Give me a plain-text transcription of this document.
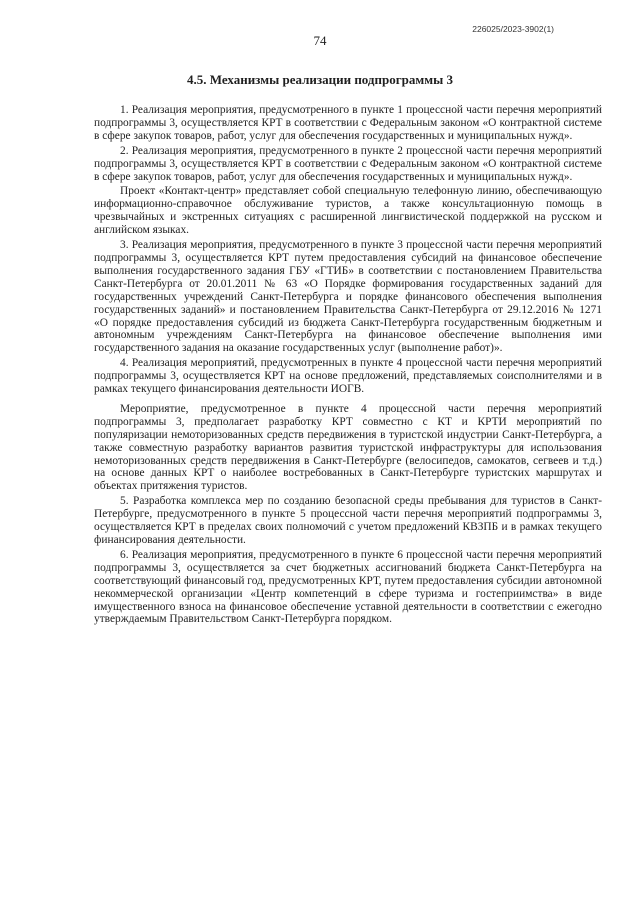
226025/2023-3902(1)
74
4.5. Механизмы реализации подпрограммы 3

1. Реализация мероприятия, предусмотренного в пункте 1 процессной части перечня мероприятий подпрограммы 3, осуществляется КРТ в соответствии с Федеральным законом «О контрактной системе в сфере закупок товаров, работ, услуг для обеспечения государственных и муниципальных нужд».

2. Реализация мероприятия, предусмотренного в пункте 2 процессной части перечня мероприятий подпрограммы 3, осуществляется КРТ в соответствии с Федеральным законом «О контрактной системе в сфере закупок товаров, работ, услуг для обеспечения государственных и муниципальных нужд».

Проект «Контакт-центр» представляет собой специальную телефонную линию, обеспечивающую информационно-справочное обслуживание туристов, а также консультационную помощь в чрезвычайных и экстренных ситуациях с расширенной лингвистической поддержкой на русском и английском языках.

3. Реализация мероприятия, предусмотренного в пункте 3 процессной части перечня мероприятий подпрограммы 3, осуществляется КРТ путем предоставления субсидий на финансовое обеспечение выполнения государственного задания ГБУ «ГТИБ» в соответствии с постановлением Правительства Санкт-Петербурга от 20.01.2011 № 63 «О Порядке формирования государственных заданий для государственных учреждений Санкт-Петербурга и порядке финансового обеспечения выполнения государственных заданий» и постановлением Правительства Санкт-Петербурга от 29.12.2016 № 1271 «О порядке предоставления субсидий из бюджета Санкт-Петербурга государственным бюджетным и автономным учреждениям Санкт-Петербурга на финансовое обеспечение выполнения ими государственного задания на оказание государственных услуг (выполнение работ)».

4. Реализация мероприятий, предусмотренных в пункте 4 процессной части перечня мероприятий подпрограммы 3, осуществляется КРТ на основе предложений, представляемых соисполнителями и в рамках текущего финансирования деятельности ИОГВ.

Мероприятие, предусмотренное в пункте 4 процессной части перечня мероприятий подпрограммы 3, предполагает разработку КРТ совместно с КТ и КРТИ мероприятий по популяризации немоторизованных средств передвижения в туристской индустрии Санкт-Петербурга, а также совместную разработку вариантов развития туристской инфраструктуры для использования немоторизованных средств передвижения в Санкт-Петербурге (велосипедов, самокатов, сегвеев и т.д.) на основе данных КРТ о наиболее востребованных в Санкт-Петербурге туристских маршрутах и объектах притяжения туристов.

5. Разработка комплекса мер по созданию безопасной среды пребывания для туристов в Санкт-Петербурге, предусмотренного в пункте 5 процессной части перечня мероприятий подпрограммы 3, осуществляется КРТ в пределах своих полномочий с учетом предложений КВЗПБ и в рамках текущего финансирования деятельности.

6. Реализация мероприятия, предусмотренного в пункте 6 процессной части перечня мероприятий подпрограммы 3, осуществляется за счет бюджетных ассигнований бюджета Санкт-Петербурга на соответствующий финансовый год, предусмотренных КРТ, путем предоставления субсидии автономной некоммерческой организации «Центр компетенций в сфере туризма и гостеприимства» в виде имущественного взноса на финансовое обеспечение уставной деятельности в соответствии с ежегодно утверждаемым Правительством Санкт-Петербурга порядком.
